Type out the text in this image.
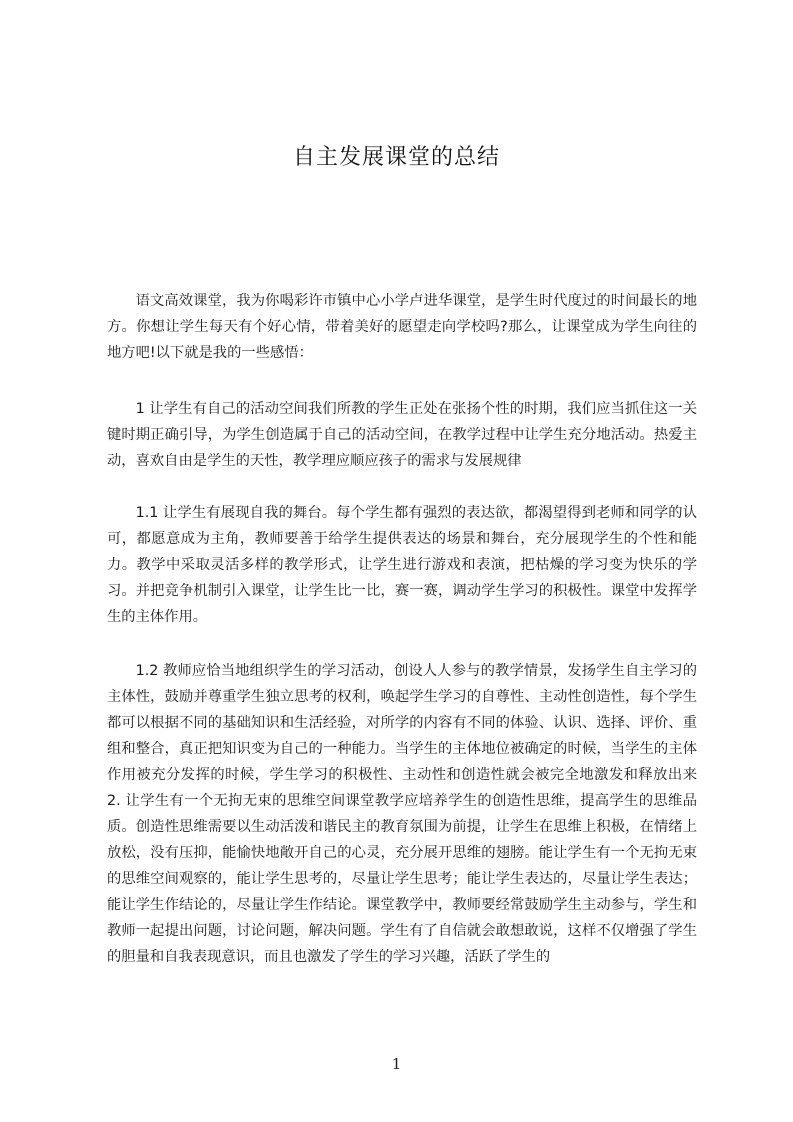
自主发展课堂的总结

语文高效课堂，我为你喝彩许市镇中心小学卢进华课堂，是学生时代度过的时间最长的地方。你想让学生每天有个好心情，带着美好的愿望走向学校吗?那么，让课堂成为学生向往的地方吧!以下就是我的一些感悟：

1 让学生有自己的活动空间我们所教的学生正处在张扬个性的时期，我们应当抓住这一关键时期正确引导，为学生创造属于自己的活动空间，在教学过程中让学生充分地活动。热爱主动，喜欢自由是学生的天性，教学理应顺应孩子的需求与发展规律

1.1 让学生有展现自我的舞台。每个学生都有强烈的表达欲，都渴望得到老师和同学的认可，都愿意成为主角，教师要善于给学生提供表达的场景和舞台，充分展现学生的个性和能力。教学中采取灵活多样的教学形式，让学生进行游戏和表演，把枯燥的学习变为快乐的学习。并把竞争机制引入课堂，让学生比一比，赛一赛，调动学生学习的积极性。课堂中发挥学生的主体作用。

1.2 教师应恰当地组织学生的学习活动，创设人人参与的教学情景，发扬学生自主学习的主体性，鼓励并尊重学生独立思考的权利，唤起学生学习的自尊性、主动性创造性，每个学生都可以根据不同的基础知识和生活经验，对所学的内容有不同的体验、认识、选择、评价、重组和整合，真正把知识变为自己的一种能力。当学生的主体地位被确定的时候，当学生的主体作用被充分发挥的时候，学生学习的积极性、主动性和创造性就会被完全地激发和释放出来 2. 让学生有一个无拘无束的思维空间课堂教学应培养学生的创造性思维，提高学生的思维品质。创造性思维需要以生动活泼和谐民主的教育氛围为前提，让学生在思维上积极，在情绪上放松，没有压抑，能愉快地敞开自己的心灵，充分展开思维的翅膀。能让学生有一个无拘无束的思维空间观察的，能让学生思考的，尽量让学生思考；能让学生表达的，尽量让学生表达；能让学生作结论的，尽量让学生作结论。课堂教学中，教师要经常鼓励学生主动参与，学生和教师一起提出问题，讨论问题，解决问题。学生有了自信就会敢想敢说，这样不仅增强了学生的胆量和自我表现意识，而且也激发了学生的学习兴趣，活跃了学生的

1
